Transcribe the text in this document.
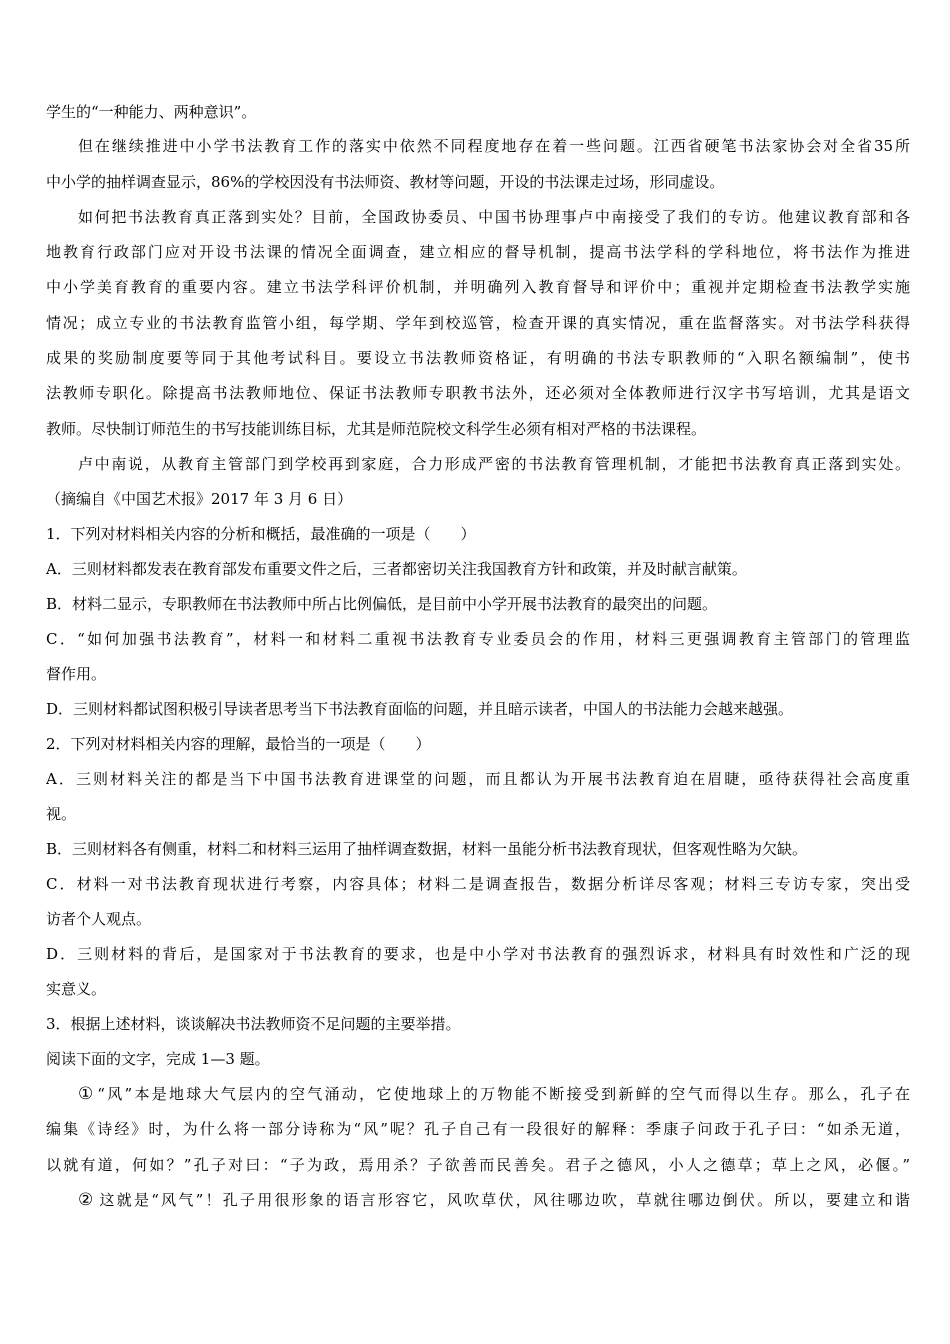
学生的“一种能力、两种意识”。
但在继续推进中小学书法教育工作的落实中依然不同程度地存在着一些问题。江西省硬笔书法家协会对全省35所
中小学的抽样调查显示，86%的学校因没有书法师资、教材等问题，开设的书法课走过场，形同虚设。
如何把书法教育真正落到实处？目前，全国政协委员、中国书协理事卢中南接受了我们的专访。他建议教育部和各
地教育行政部门应对开设书法课的情况全面调查，建立相应的督导机制，提高书法学科的学科地位，将书法作为推进
中小学美育教育的重要内容。建立书法学科评价机制，并明确列入教育督导和评价中；重视并定期检查书法教学实施
情况；成立专业的书法教育监管小组，每学期、学年到校巡管，检查开课的真实情况，重在监督落实。对书法学科获得
成果的奖励制度要等同于其他考试科目。要设立书法教师资格证，有明确的书法专职教师的“入职名额编制”，使书
法教师专职化。除提高书法教师地位、保证书法教师专职教书法外，还必须对全体教师进行汉字书写培训，尤其是语文
教师。尽快制订师范生的书写技能训练目标，尤其是师范院校文科学生必须有相对严格的书法课程。
卢中南说，从教育主管部门到学校再到家庭，合力形成严密的书法教育管理机制，才能把书法教育真正落到实处。
（摘编自《中国艺术报》2017 年 3 月 6 日）
1．下列对材料相关内容的分析和概括，最准确的一项是（　　）
A．三则材料都发表在教育部发布重要文件之后，三者都密切关注我国教育方针和政策，并及时献言献策。
B．材料二显示，专职教师在书法教师中所占比例偏低，是目前中小学开展书法教育的最突出的问题。
C．“如何加强书法教育”，材料一和材料二重视书法教育专业委员会的作用，材料三更强调教育主管部门的管理监
督作用。
D．三则材料都试图积极引导读者思考当下书法教育面临的问题，并且暗示读者，中国人的书法能力会越来越强。
2．下列对材料相关内容的理解，最恰当的一项是（　　）
A．三则材料关注的都是当下中国书法教育进课堂的问题，而且都认为开展书法教育迫在眉睫，亟待获得社会高度重
视。
B．三则材料各有侧重，材料二和材料三运用了抽样调查数据，材料一虽能分析书法教育现状，但客观性略为欠缺。
C．材料一对书法教育现状进行考察，内容具体；材料二是调查报告，数据分析详尽客观；材料三专访专家，突出受
访者个人观点。
D．三则材料的背后，是国家对于书法教育的要求，也是中小学对书法教育的强烈诉求，材料具有时效性和广泛的现
实意义。
3．根据上述材料，谈谈解决书法教师资不足问题的主要举措。
阅读下面的文字，完成 1—3 题。
① “风”本是地球大气层内的空气涌动，它使地球上的万物能不断接受到新鲜的空气而得以生存。那么，孔子在
编集《诗经》时，为什么将一部分诗称为“风”呢？孔子自己有一段很好的解释：季康子问政于孔子曰：“如杀无道，
以就有道，何如？”孔子对曰：“子为政，焉用杀？子欲善而民善矣。君子之德风，小人之德草；草上之风，必偃。”
② 这就是“风气”！孔子用很形象的语言形容它，风吹草伏，风往哪边吹，草就往哪边倒伏。所以，要建立和谐
